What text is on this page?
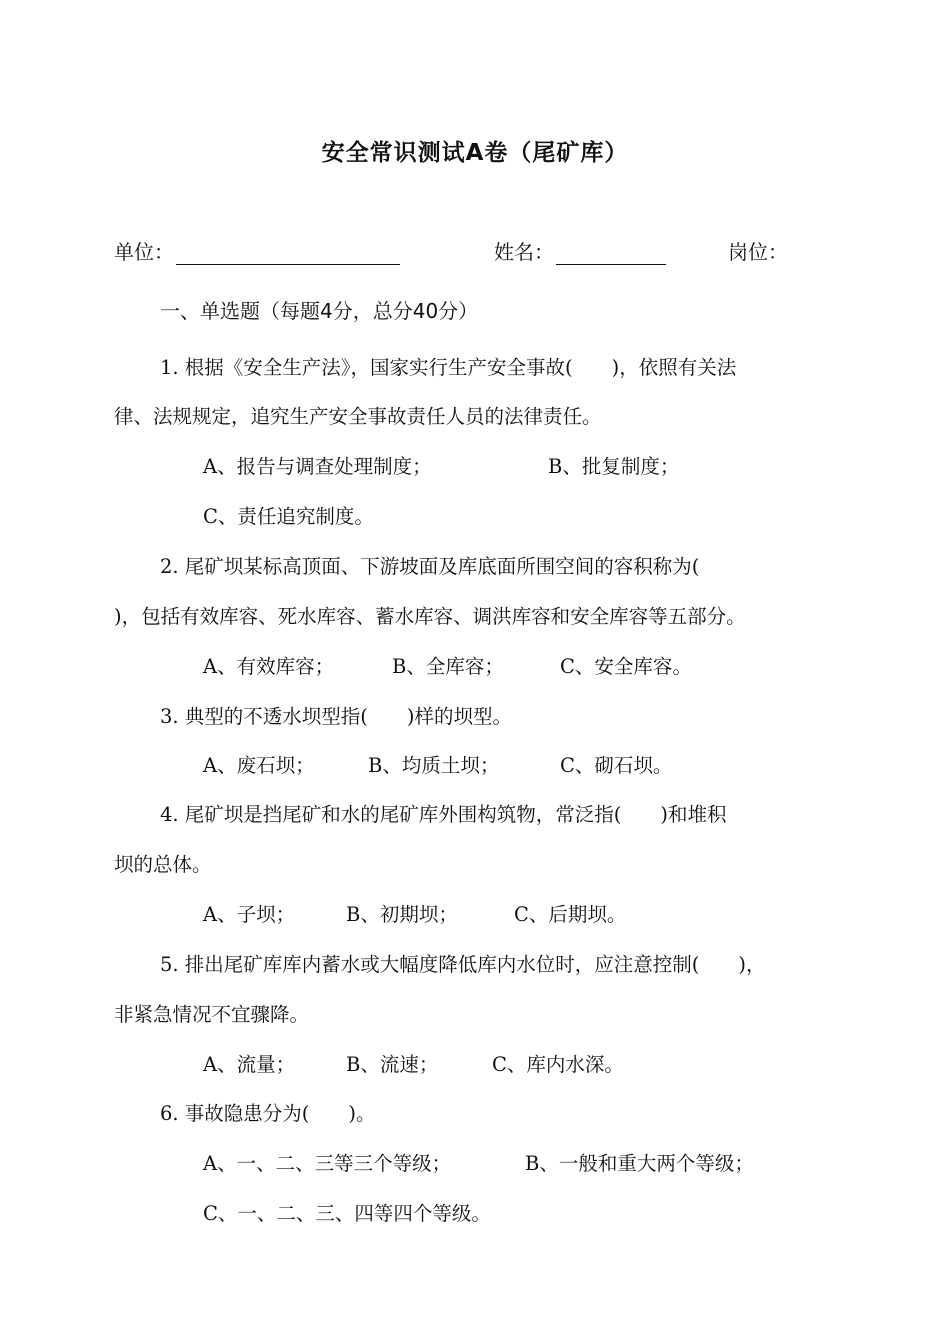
安全常识测试A卷（尾矿库）
单位：	姓名：	岗位：
一、单选题（每题4分，总分40分）
1. 根据《安全生产法》，国家实行生产安全事故(　　)，依照有关法
律、法规规定，追究生产安全事故责任人员的法律责任。
A、报告与调查处理制度；	B、批复制度；
C、责任追究制度。
2. 尾矿坝某标高顶面、下游坡面及库底面所围空间的容积称为(
)，包括有效库容、死水库容、蓄水库容、调洪库容和安全库容等五部分。
A、有效库容；	B、全库容；	C、安全库容。
3. 典型的不透水坝型指(　　)样的坝型。
A、废石坝；	B、均质土坝；	C、砌石坝。
4. 尾矿坝是挡尾矿和水的尾矿库外围构筑物，常泛指(　　)和堆积
坝的总体。
A、子坝；	B、初期坝；	C、后期坝。
5. 排出尾矿库库内蓄水或大幅度降低库内水位时，应注意控制(　　)，
非紧急情况不宜骤降。
A、流量；	B、流速；	C、库内水深。
6. 事故隐患分为(　　)。
A、一、二、三等三个等级；	B、一般和重大两个等级；
C、一、二、三、四等四个等级。
